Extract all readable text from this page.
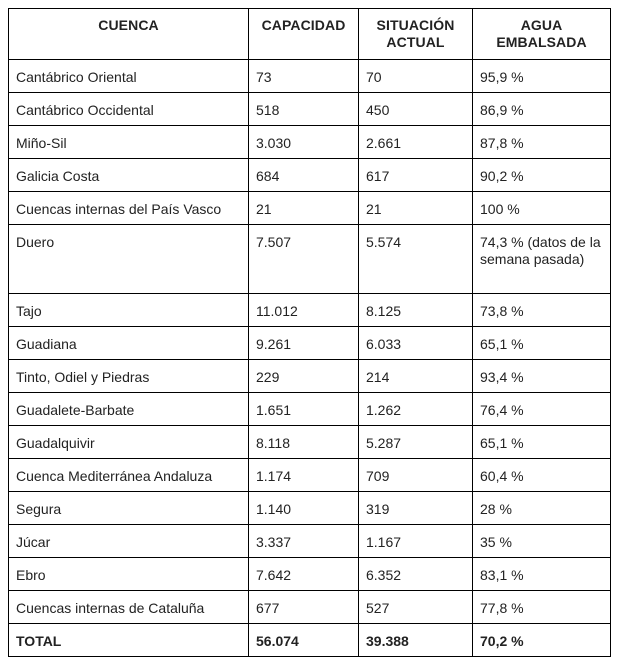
CUENCA	CAPACIDAD	SITUACIÓN ACTUAL	AGUA EMBALSADA
Cantábrico Oriental	73	70	95,9 %
Cantábrico Occidental	518	450	86,9 %
Miño-Sil	3.030	2.661	87,8 %
Galicia Costa	684	617	90,2 %
Cuencas internas del País Vasco	21	21	100 %
Duero	7.507	5.574	74,3 % (datos de la semana pasada)
Tajo	11.012	8.125	73,8 %
Guadiana	9.261	6.033	65,1 %
Tinto, Odiel y Piedras	229	214	93,4 %
Guadalete-Barbate	1.651	1.262	76,4 %
Guadalquivir	8.118	5.287	65,1 %
Cuenca Mediterránea Andaluza	1.174	709	60,4 %
Segura	1.140	319	28 %
Júcar	3.337	1.167	35 %
Ebro	7.642	6.352	83,1 %
Cuencas internas de Cataluña	677	527	77,8 %
TOTAL	56.074	39.388	70,2 %
